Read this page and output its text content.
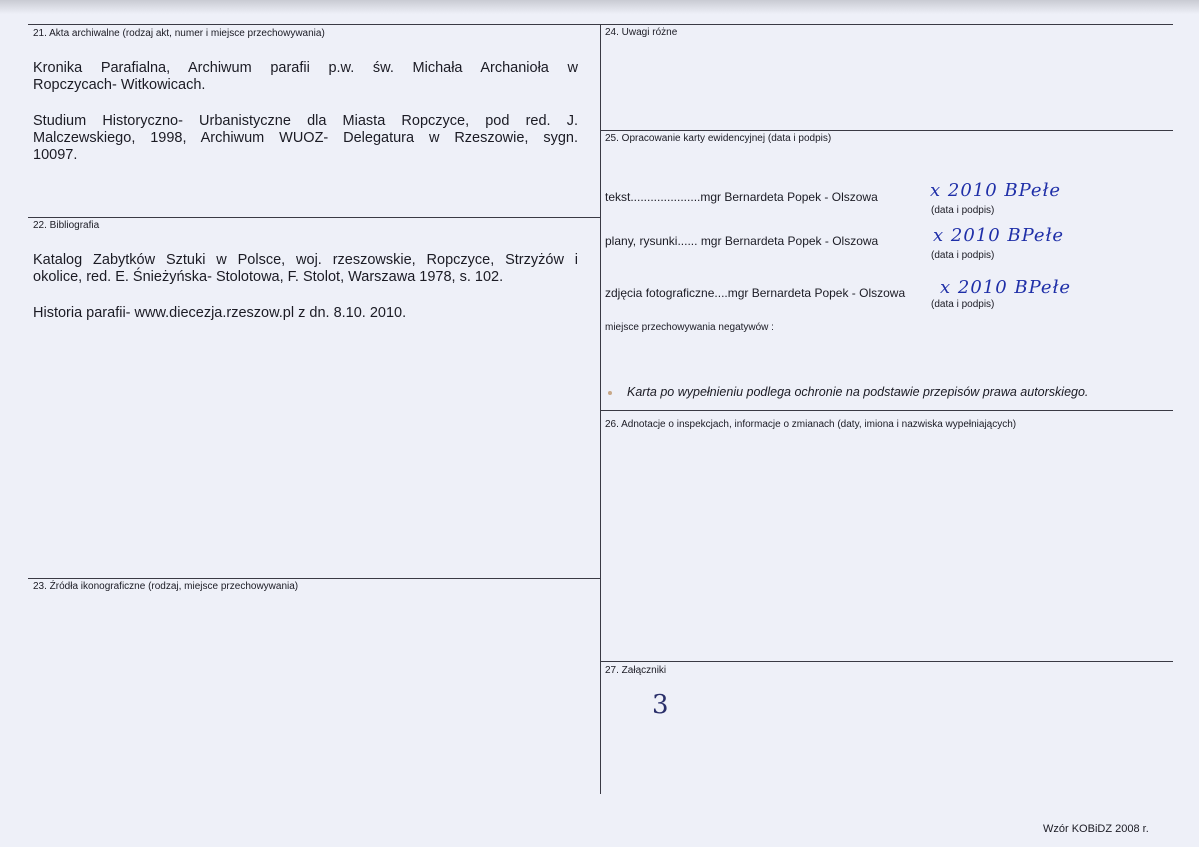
21. Akta archiwalne (rodzaj akt, numer i miejsce przechowywania)
Kronika Parafialna, Archiwum parafii p.w. św. Michała Archanioła w
Ropczycach- Witkowicach.
Studium Historyczno- Urbanistyczne dla Miasta Ropczyce, pod red. J.
Malczewskiego, 1998, Archiwum WUOZ- Delegatura w Rzeszowie, sygn.
10097.
22. Bibliografia
Katalog Zabytków Sztuki w Polsce, woj. rzeszowskie, Ropczyce, Strzyżów i
okolice, red. E. Śnieżyńska- Stolotowa, F. Stolot, Warszawa 1978, s. 102.
Historia parafii- www.diecezja.rzeszow.pl z dn. 8.10. 2010.
23. Źródła ikonograficzne (rodzaj, miejsce przechowywania)
24. Uwagi różne
25. Opracowanie karty ewidencyjnej (data i podpis)
tekst.....................mgr Bernardeta Popek - Olszowa	x 2010 BPełe
(data i podpis)
plany, rysunki...... mgr Bernardeta Popek - Olszowa	x 2010 BPełe
(data i podpis)
zdjęcia fotograficzne....mgr Bernardeta Popek - Olszowa x 2010 BPełe
(data i podpis)
miejsce przechowywania negatywów :
Karta po wypełnieniu podlega ochronie na podstawie przepisów prawa autorskiego.
26. Adnotacje o inspekcjach, informacje o zmianach (daty, imiona i nazwiska wypełniających)
27. Załączniki
3
Wzór KOBiDZ 2008 r.
